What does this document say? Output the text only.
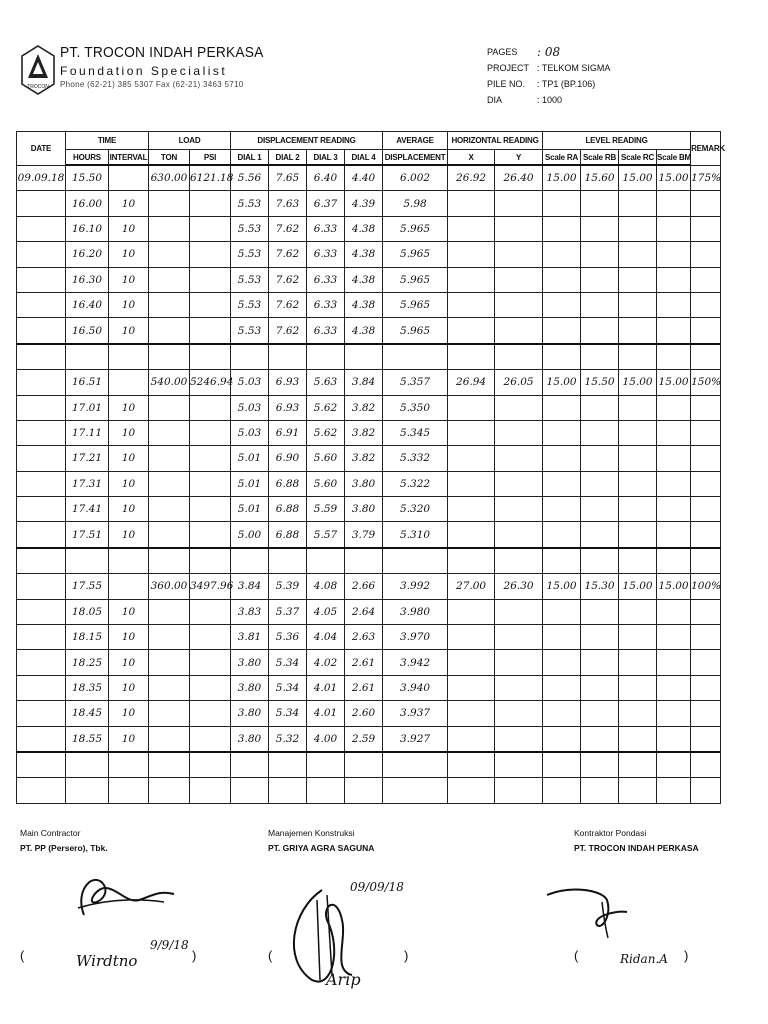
TROCON
PT. TROCON INDAH PERKASA
Foundation Specialist
Phone (62-21) 385 5307 Fax (62-21) 3463 5710
PAGES	: 08
PROJECT : TELKOM SIGMA
PILE NO.	: TP1 (BP.106)
DIA	: 1000
DATE	TIME		LOAD		DISPLACEMENT READING				AVERAGE	HORIZONTAL READING		LEVEL READING				REMARK
	HOURS	INTERVAL	TON	PSI	DIAL 1	DIAL 2	DIAL 3	DIAL 4	DISPLACEMENT	X	Y	Scale RA	Scale RB	Scale RC	Scale BM	
09.09.18	15.50		630.00	6121.18	5.56	7.65	6.40	4.40	6.002	26.92	26.40	15.00	15.60	15.00	15.00	175%
	16.00	10			5.53	7.63	6.37	4.39	5.98							
	16.10	10			5.53	7.62	6.33	4.38	5.965							
	16.20	10			5.53	7.62	6.33	4.38	5.965							
	16.30	10			5.53	7.62	6.33	4.38	5.965							
	16.40	10			5.53	7.62	6.33	4.38	5.965							
	16.50	10			5.53	7.62	6.33	4.38	5.965							

	16.51		540.00	5246.94	5.03	6.93	5.63	3.84	5.357	26.94	26.05	15.00	15.50	15.00	15.00	150%
	17.01	10			5.03	6.93	5.62	3.82	5.350							
	17.11	10			5.03	6.91	5.62	3.82	5.345							
	17.21	10			5.01	6.90	5.60	3.82	5.332							
	17.31	10			5.01	6.88	5.60	3.80	5.322							
	17.41	10			5.01	6.88	5.59	3.80	5.320							
	17.51	10			5.00	6.88	5.57	3.79	5.310							

	17.55		360.00	3497.96	3.84	5.39	4.08	2.66	3.992	27.00	26.30	15.00	15.30	15.00	15.00	100%
	18.05	10			3.83	5.37	4.05	2.64	3.980							
	18.15	10			3.81	5.36	4.04	2.63	3.970							
	18.25	10			3.80	5.34	4.02	2.61	3.942							
	18.35	10			3.80	5.34	4.01	2.61	3.940							
	18.45	10			3.80	5.34	4.01	2.60	3.937							
	18.55	10			3.80	5.32	4.00	2.59	3.927							

Main Contractor
PT. PP (Persero), Tbk.
Manajemen Konstruksi
PT. GRIYA AGRA SAGUNA
Kontraktor Pondasi
PT. TROCON INDAH PERKASA
Wirdtno
9/9/18
09/09/18
Arip
Ridan.A
(	)	(	)	(	)
